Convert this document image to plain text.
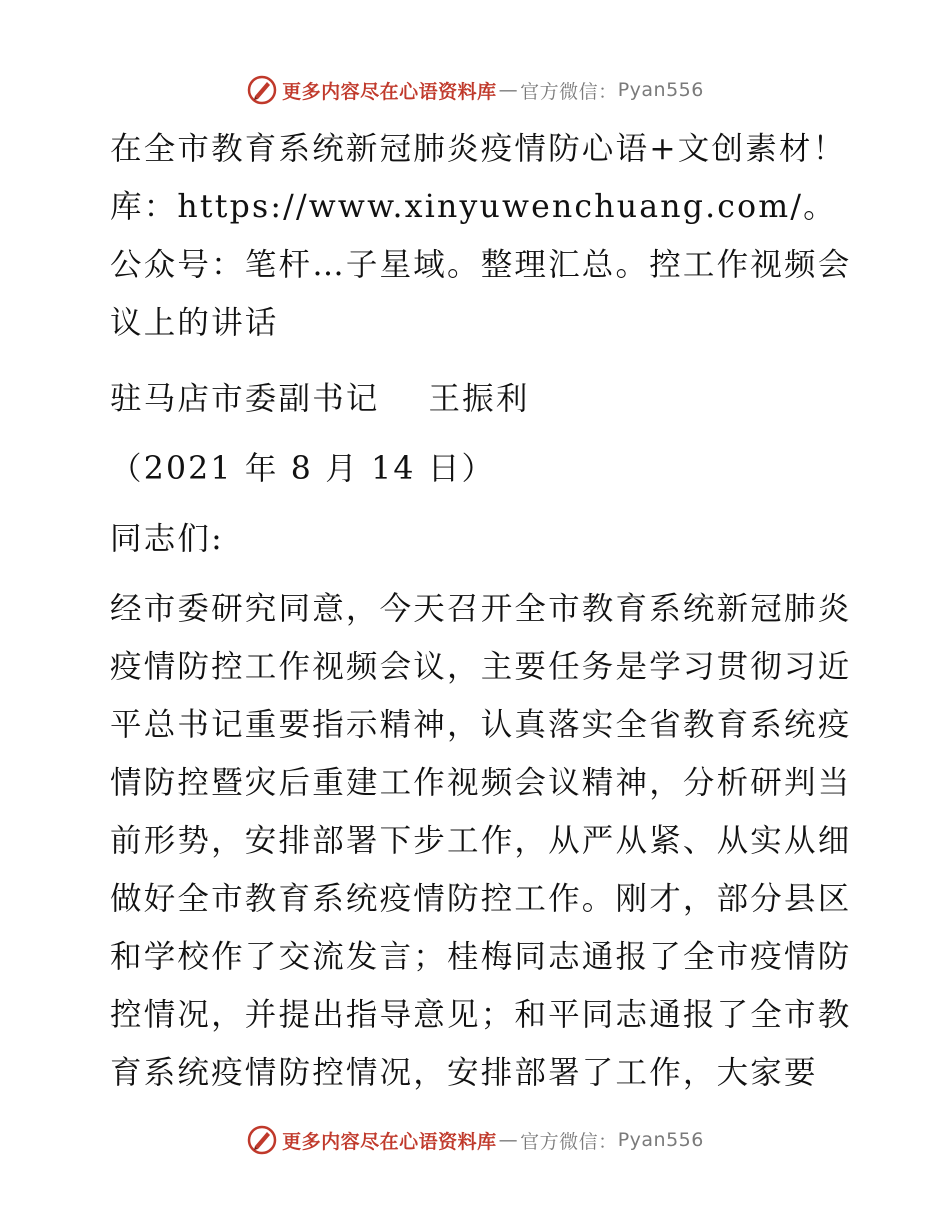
更多内容尽在心语资料库 — 官方微信： Pyan556

在全市教育系统新冠肺炎疫情防心语+文创素材！库：https://www.xinyuwenchuang.com/。公众号：笔杆…子星域。整理汇总。控工作视频会议上的讲话

驻马店市委副书记    王振利

（2021 年 8 月 14 日）

同志们:

经市委研究同意，今天召开全市教育系统新冠肺炎疫情防控工作视频会议，主要任务是学习贯彻习近平总书记重要指示精神，认真落实全省教育系统疫情防控暨灾后重建工作视频会议精神，分析研判当前形势，安排部署下步工作，从严从紧、从实从细做好全市教育系统疫情防控工作。刚才，部分县区和学校作了交流发言；桂梅同志通报了全市疫情防控情况，并提出指导意见；和平同志通报了全市教育系统疫情防控情况，安排部署了工作，大家要

更多内容尽在心语资料库 — 官方微信： Pyan556
